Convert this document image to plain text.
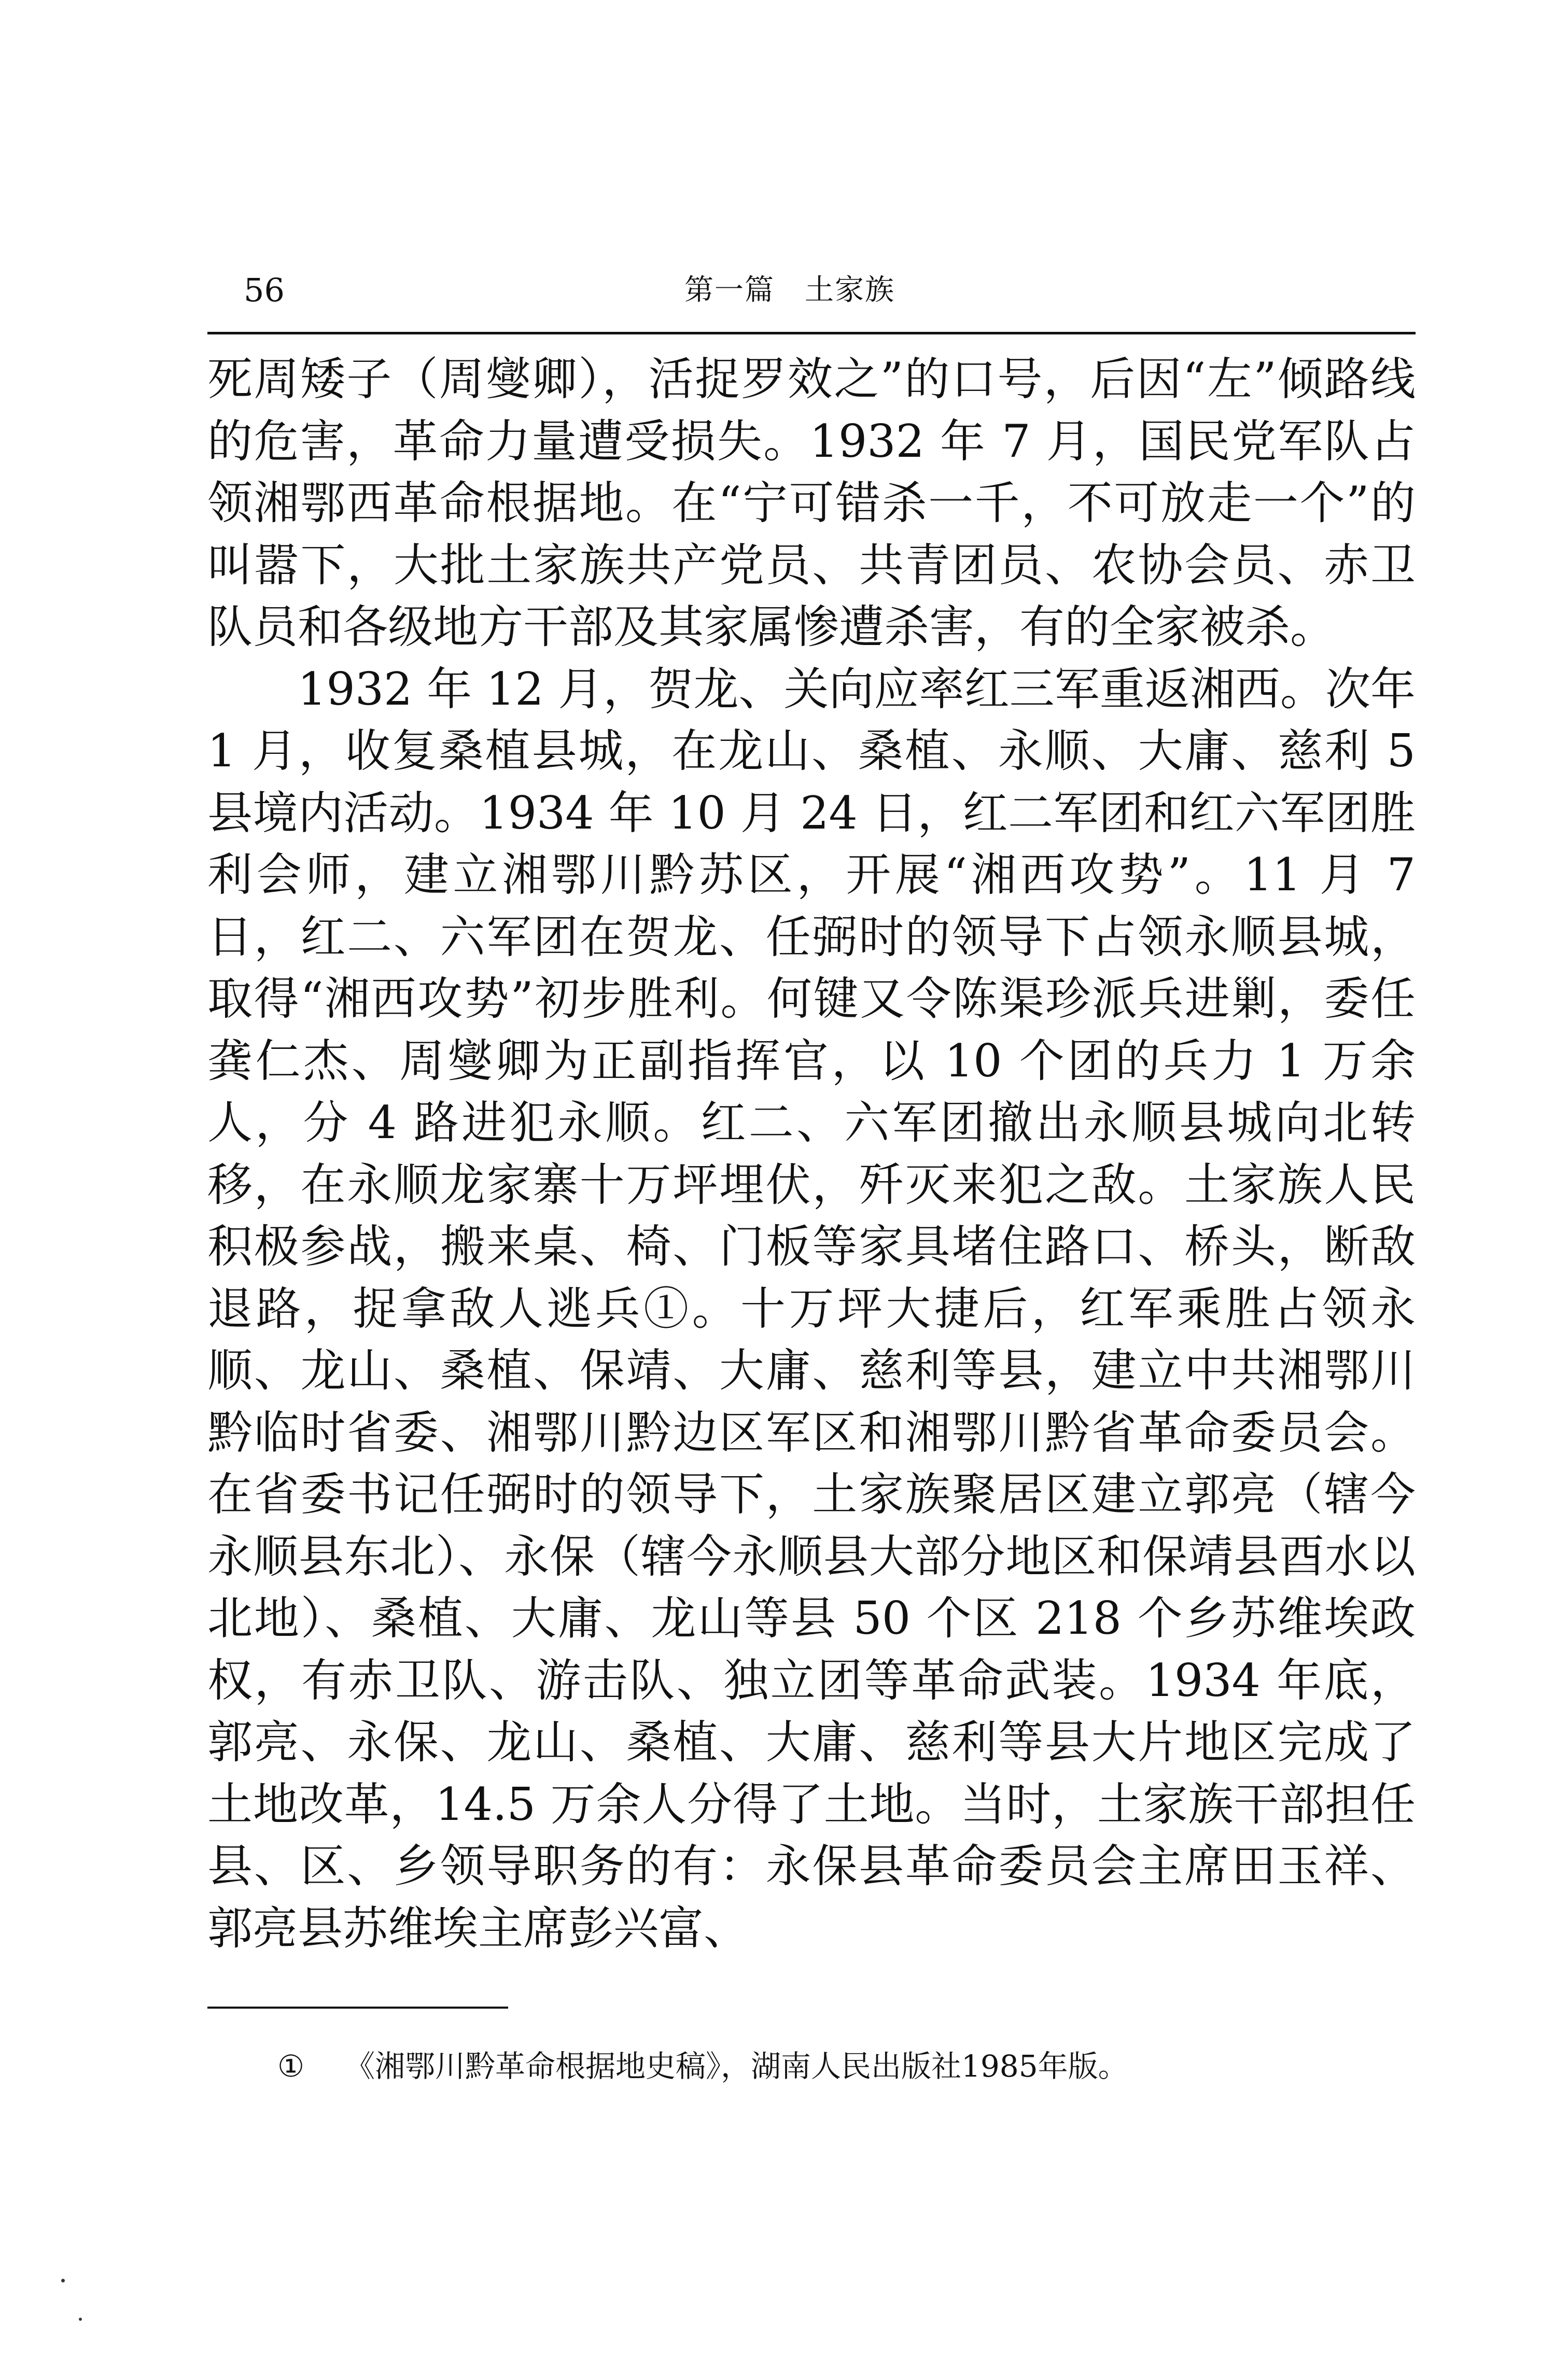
56	第一篇　土家族

死周矮子（周燮卿），活捉罗效之”的口号，后因“左”倾路线的危害，革命力量遭受损失。1932 年 7 月，国民党军队占领湘鄂西革命根据地。在“宁可错杀一千，不可放走一个”的叫嚣下，大批土家族共产党员、共青团员、农协会员、赤卫队员和各级地方干部及其家属惨遭杀害，有的全家被杀。

1932 年 12 月，贺龙、关向应率红三军重返湘西。次年 1 月，收复桑植县城，在龙山、桑植、永顺、大庸、慈利 5 县境内活动。1934 年 10 月 24 日，红二军团和红六军团胜利会师，建立湘鄂川黔苏区，开展“湘西攻势”。11 月 7 日，红二、六军团在贺龙、任弼时的领导下占领永顺县城，取得“湘西攻势”初步胜利。何键又令陈渠珍派兵进剿，委任龚仁杰、周燮卿为正副指挥官，以 10 个团的兵力 1 万余人，分 4 路进犯永顺。红二、六军团撤出永顺县城向北转移，在永顺龙家寨十万坪埋伏，歼灭来犯之敌。土家族人民积极参战，搬来桌、椅、门板等家具堵住路口、桥头，断敌退路，捉拿敌人逃兵①。十万坪大捷后，红军乘胜占领永顺、龙山、桑植、保靖、大庸、慈利等县，建立中共湘鄂川黔临时省委、湘鄂川黔边区军区和湘鄂川黔省革命委员会。在省委书记任弼时的领导下，土家族聚居区建立郭亮（辖今永顺县东北）、永保（辖今永顺县大部分地区和保靖县酉水以北地）、桑植、大庸、龙山等县 50 个区 218 个乡苏维埃政权，有赤卫队、游击队、独立团等革命武装。1934 年底，郭亮、永保、龙山、桑植、大庸、慈利等县大片地区完成了土地改革，14.5 万余人分得了土地。当时，土家族干部担任县、区、乡领导职务的有：永保县革命委员会主席田玉祥、郭亮县苏维埃主席彭兴富、

① 《湘鄂川黔革命根据地史稿》，湖南人民出版社1985年版。
